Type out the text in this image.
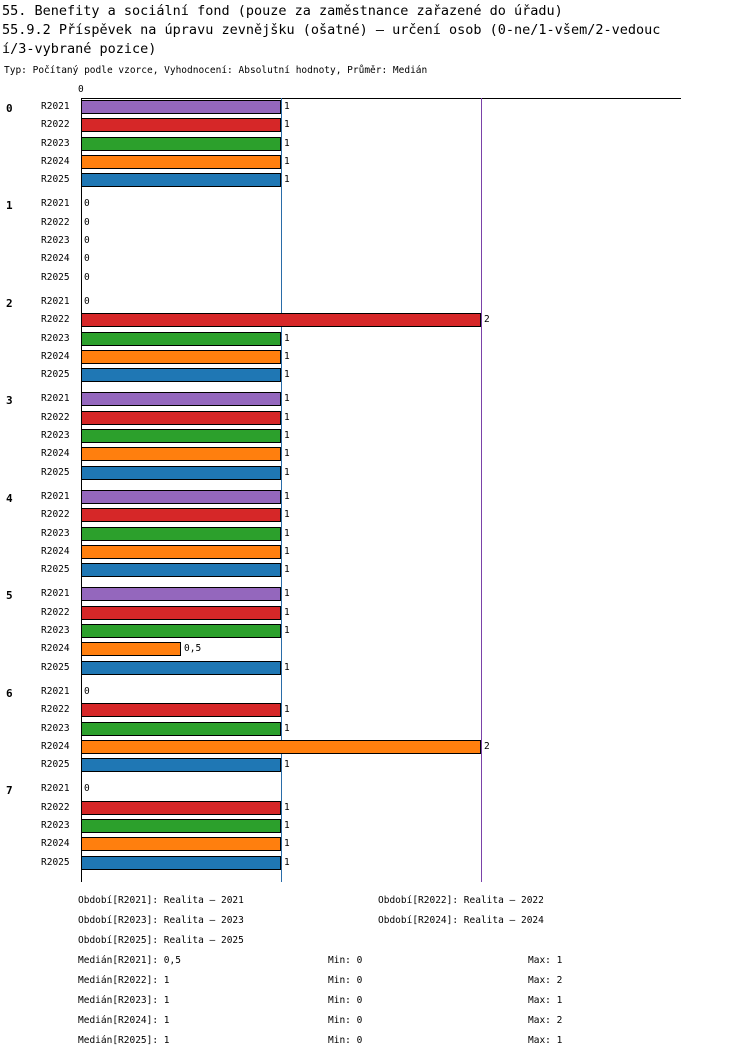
55. Benefity a sociální fond (pouze za zaměstnance zařazené do úřadu)
55.9.2 Příspěvek na úpravu zevnějšku (ošatné) – určení osob (0-ne/1-všem/2-vedouc
í/3-vybrané pozice)
Typ: Počítaný podle vzorce, Vyhodnocení: Absolutní hodnoty, Průměr: Medián
0
0	R2021	1
R2022	1
R2023	1
R2024	1
R2025	1
1	R2021 0
R2022 0
R2023 0
R2024 0
R2025 0
2	R2021 0
R2022	2
R2023	1
R2024	1
R2025	1
3	R2021	1
R2022	1
R2023	1
R2024	1
R2025	1
4	R2021	1
R2022	1
R2023	1
R2024	1
R2025	1
5	R2021	1
R2022	1
R2023	1
R2024	0,5
R2025	1
6	R2021 0
R2022	1
R2023	1
R2024	2
R2025	1
7	R2021 0
R2022	1
R2023	1
R2024	1
R2025	1
Období[R2021]: Realita – 2021	Období[R2022]: Realita – 2022
Období[R2023]: Realita – 2023	Období[R2024]: Realita – 2024
Období[R2025]: Realita – 2025
Medián[R2021]: 0,5	Min: 0	Max: 1
Medián[R2022]: 1	Min: 0	Max: 2
Medián[R2023]: 1	Min: 0	Max: 1
Medián[R2024]: 1	Min: 0	Max: 2
Medián[R2025]: 1	Min: 0	Max: 1
